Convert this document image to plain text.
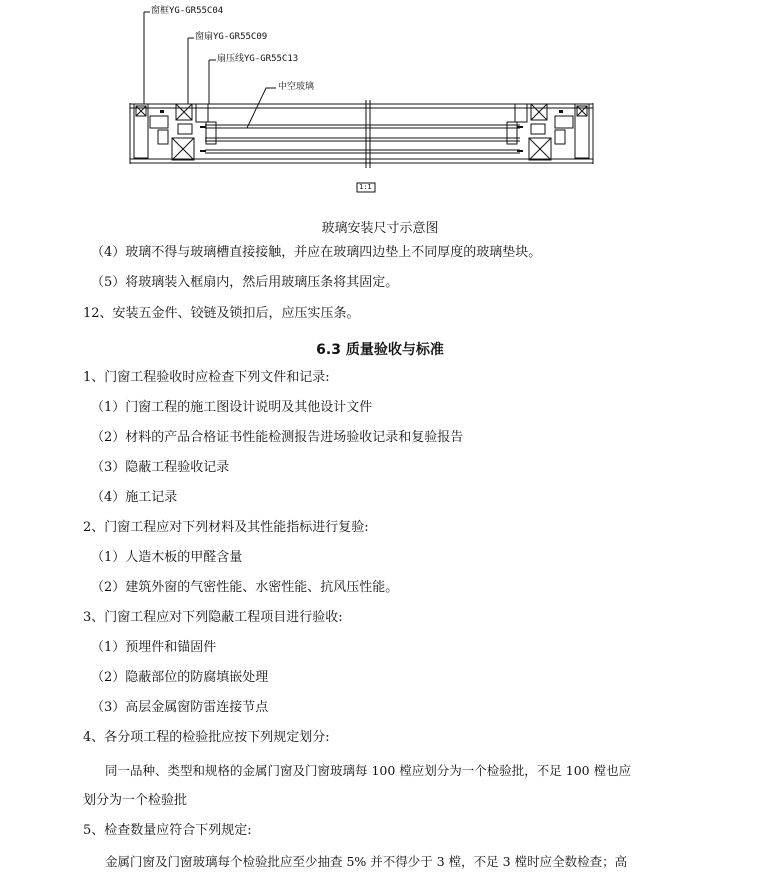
窗框YG-GR55C04
窗扇YG-GR55C09
扇压线YG-GR55C13
中空玻璃
1:1
玻璃安装尺寸示意图
（4）玻璃不得与玻璃槽直接接触，并应在玻璃四边垫上不同厚度的玻璃垫块。
（5）将玻璃装入框扇内，然后用玻璃压条将其固定。
12、安装五金件、铰链及锁扣后，应压实压条。
6.3 质量验收与标准
1、门窗工程验收时应检查下列文件和记录:
（1）门窗工程的施工图设计说明及其他设计文件
（2）材料的产品合格证书性能检测报告进场验收记录和复验报告
（3）隐蔽工程验收记录
（4）施工记录
2、门窗工程应对下列材料及其性能指标进行复验:
（1）人造木板的甲醛含量
（2）建筑外窗的气密性能、水密性能、抗风压性能。
3、门窗工程应对下列隐蔽工程项目进行验收:
（1）预埋件和锚固件
（2）隐蔽部位的防腐填嵌处理
（3）高层金属窗防雷连接节点
4、各分项工程的检验批应按下列规定划分:
同一品种、类型和规格的金属门窗及门窗玻璃每 100 樘应划分为一个检验批，不足 100 樘也应
划分为一个检验批
5、检查数量应符合下列规定:
金属门窗及门窗玻璃每个检验批应至少抽查 5% 并不得少于 3 樘，不足 3 樘时应全数检查；高
